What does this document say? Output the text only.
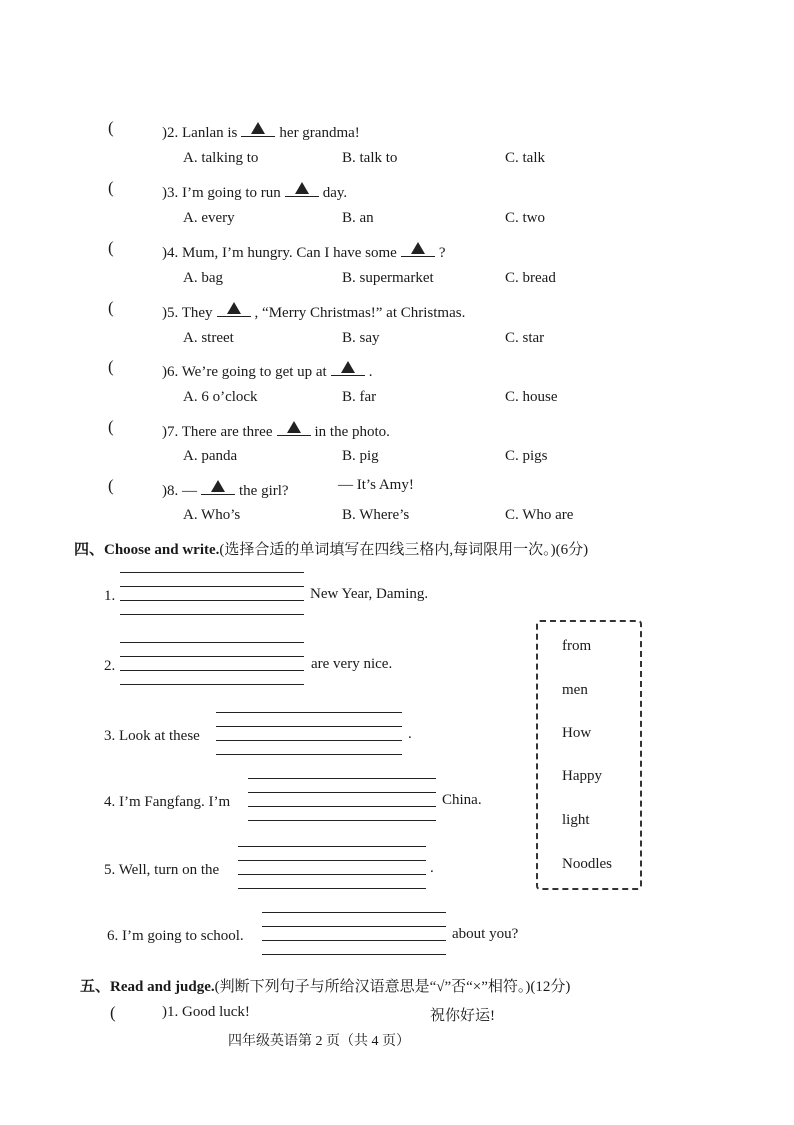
(	)2. Lanlan is	her grandma!
A. talking to	B. talk to	C. talk
(	)3. I’m going to run	day.
A. every	B. an	C. two
(	)4. Mum, I’m hungry. Can I have some	?
A. bag	B. supermarket	C. bread
(	)5. They	, “Merry Christmas!” at Christmas.
A. street	B. say	C. star
(	)6. We’re going to get up at	.
A. 6 o’clock	B. far	C. house
(	)7. There are three	in the photo.
A. panda	B. pig	C. pigs
(	)8. —	the girl?	— It’s Amy!
A. Who’s	B. Where’s	C. Who are
四、Choose and write.(选择合适的单词填写在四线三格内,每词限用一次。)(6分)
1.	New Year, Daming.
2.	are very nice.
3. Look at these	.
4. I’m Fangfang. I’m	China.
5. Well, turn on the	.
6. I’m going to school.	about you?
from
men
How
Happy
light
Noodles
五、Read and judge.(判断下列句子与所给汉语意思是“√”否“×”相符。)(12分)
(	)1. Good luck!	祝你好运!
四年级英语第 2 页（共 4 页）
